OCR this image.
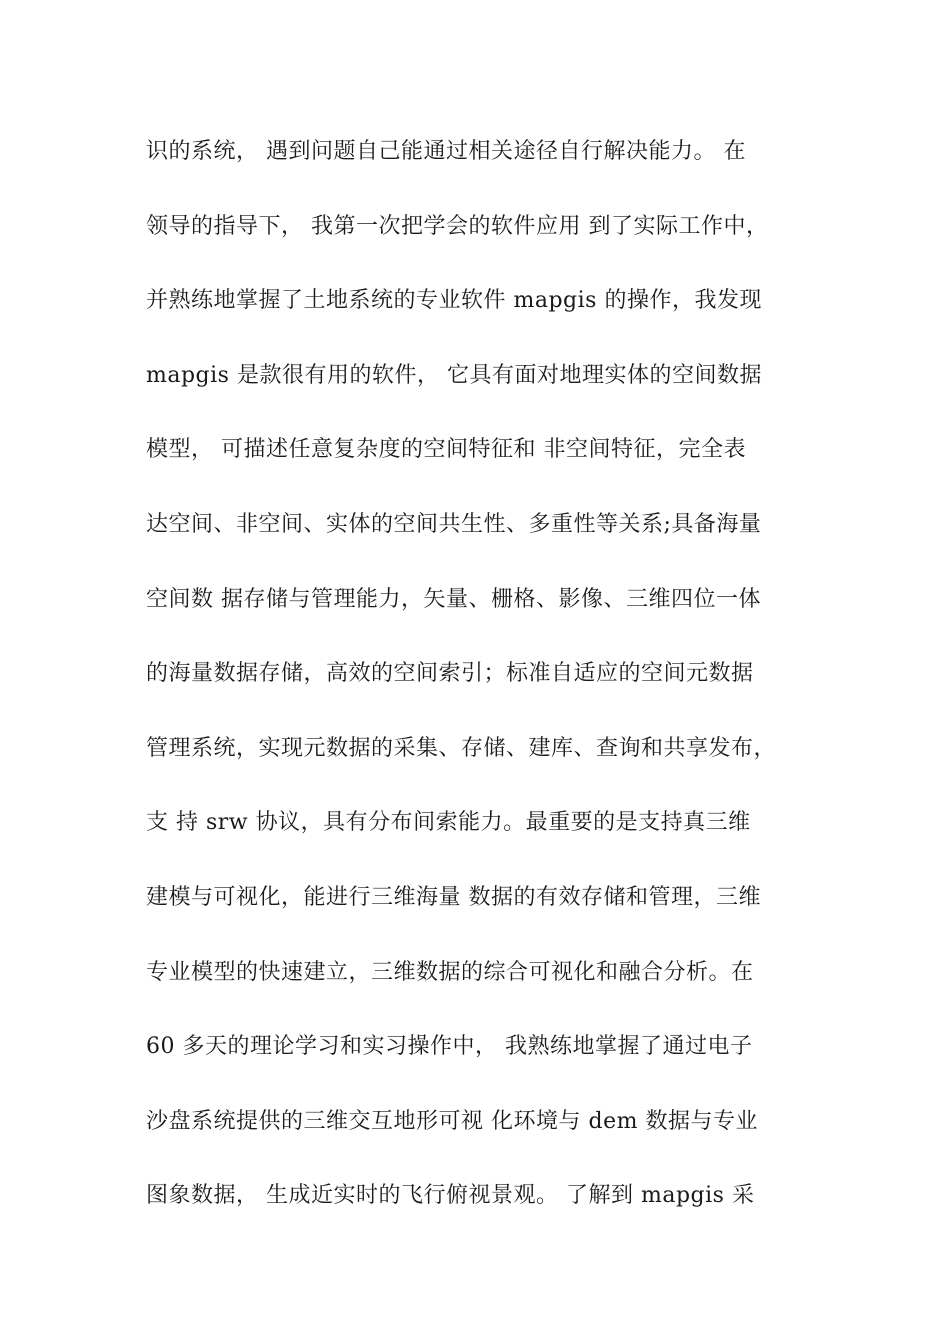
识的系统， 遇到问题自己能通过相关途径自行解决能力。 在
领导的指导下， 我第一次把学会的软件应用 到了实际工作中，
并熟练地掌握了土地系统的专业软件 mapgis 的操作，我发现
mapgis 是款很有用的软件， 它具有面对地理实体的空间数据
模型， 可描述任意复杂度的空间特征和 非空间特征，完全表
达空间、非空间、实体的空间共生性、多重性等关系;具备海量
空间数 据存储与管理能力，矢量、栅格、影像、三维四位一体
的海量数据存储，高效的空间索引；标准自适应的空间元数据
管理系统，实现元数据的采集、存储、建库、查询和共享发布，
支 持 srw 协议，具有分布间索能力。最重要的是支持真三维
建模与可视化，能进行三维海量 数据的有效存储和管理，三维
专业模型的快速建立，三维数据的综合可视化和融合分析。在
60 多天的理论学习和实习操作中， 我熟练地掌握了通过电子
沙盘系统提供的三维交互地形可视 化环境与 dem 数据与专业
图象数据， 生成近实时的飞行俯视景观。 了解到 mapgis 采
